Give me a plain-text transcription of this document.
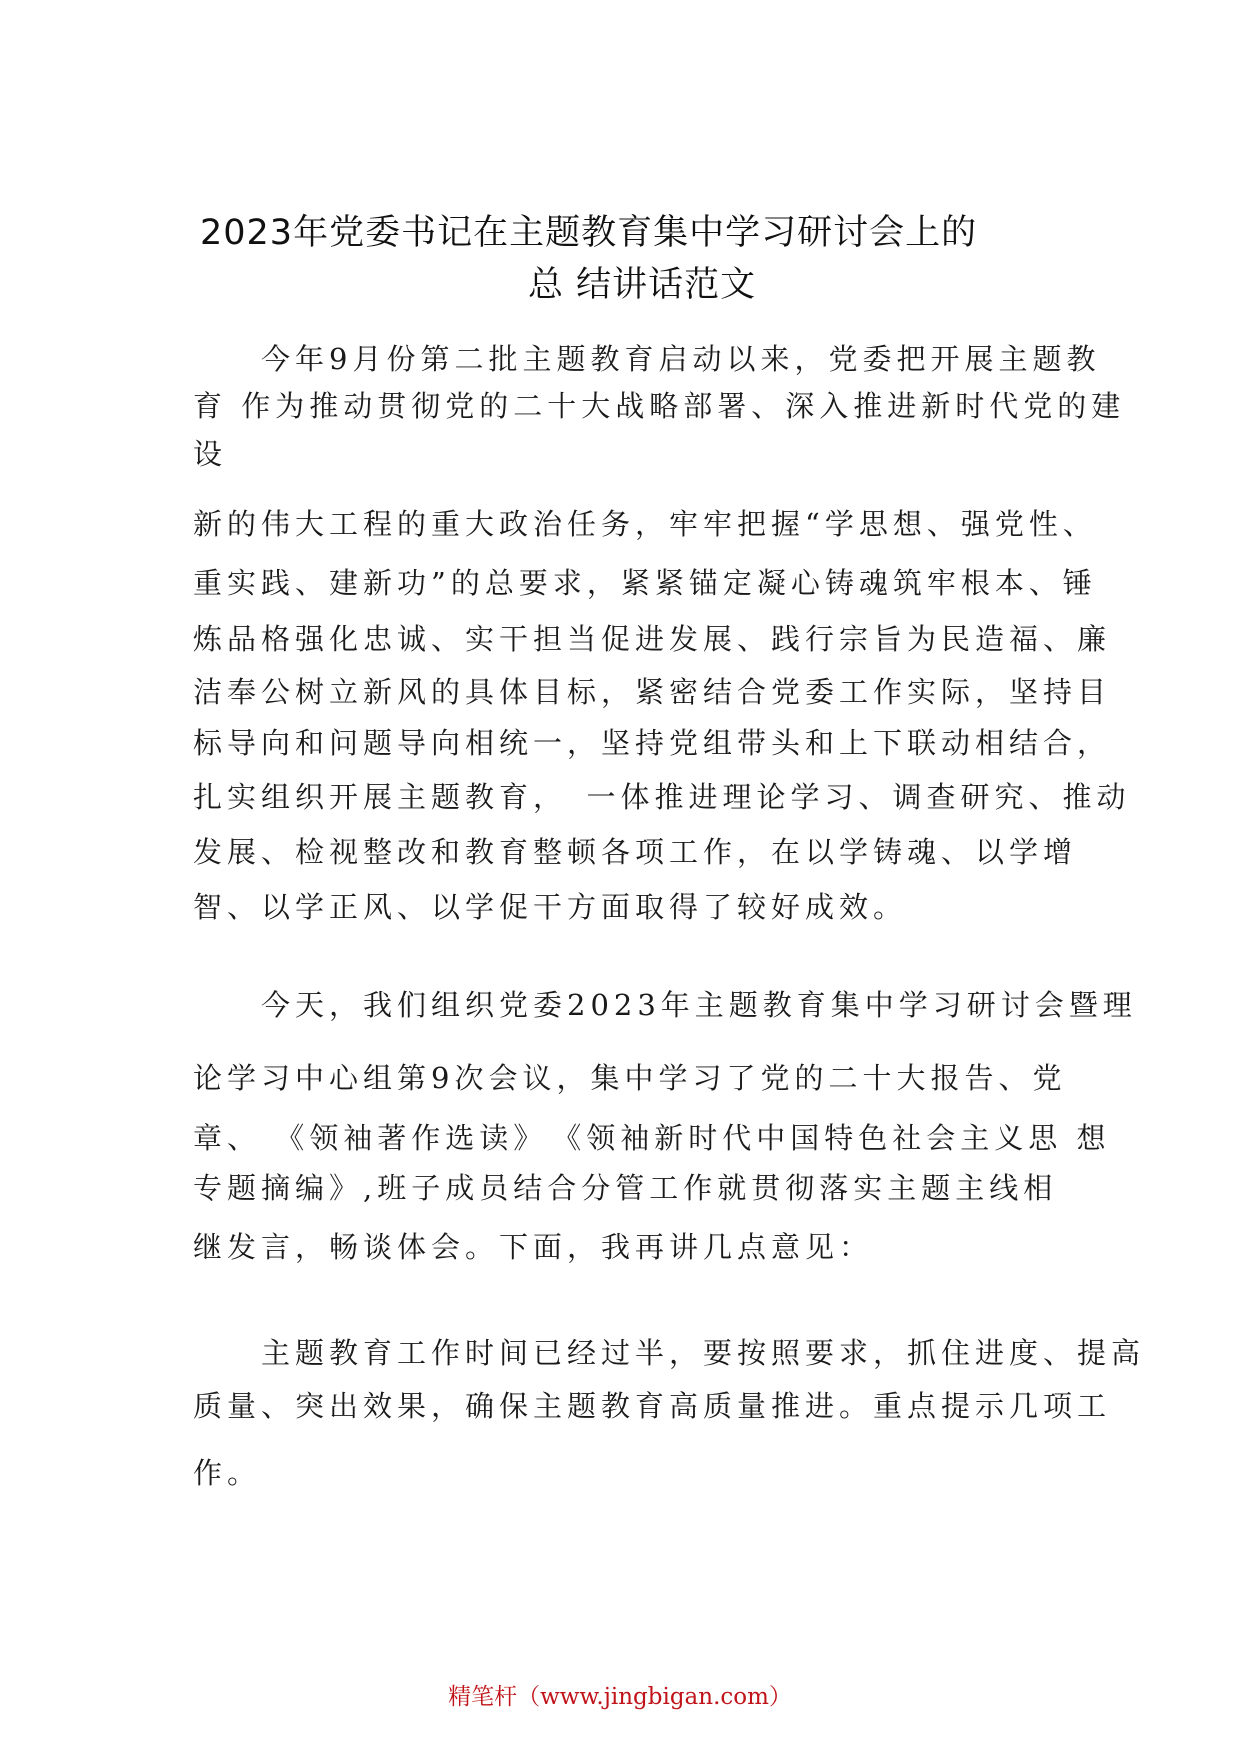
2023年党委书记在主题教育集中学习研讨会上的
总 结讲话范文
　　今年9月份第二批主题教育启动以来，党委把开展主题教
育 作为推动贯彻党的二十大战略部署、深入推进新时代党的建
设
新的伟大工程的重大政治任务，牢牢把握“学思想、强党性、
重实践、建新功”的总要求，紧紧锚定凝心铸魂筑牢根本、锤
炼品格强化忠诚、实干担当促进发展、践行宗旨为民造福、廉
洁奉公树立新风的具体目标，紧密结合党委工作实际，坚持目
标导向和问题导向相统一，坚持党组带头和上下联动相结合，
扎实组织开展主题教育，　一体推进理论学习、调查研究、推动
发展、检视整改和教育整顿各项工作，在以学铸魂、以学增
智、以学正风、以学促干方面取得了较好成效。
　　今天，我们组织党委2023年主题教育集中学习研讨会暨理
论学习中心组第9次会议，集中学习了党的二十大报告、党
章、 《领袖著作选读》　《领袖新时代中国特色社会主义思 想
专题摘编》,班子成员结合分管工作就贯彻落实主题主线相
继发言，畅谈体会。下面，我再讲几点意见：
　　主题教育工作时间已经过半，要按照要求，抓住进度、提高
质量、突出效果，确保主题教育高质量推进。重点提示几项工
作。
精笔杆（www.jingbigan.com）
